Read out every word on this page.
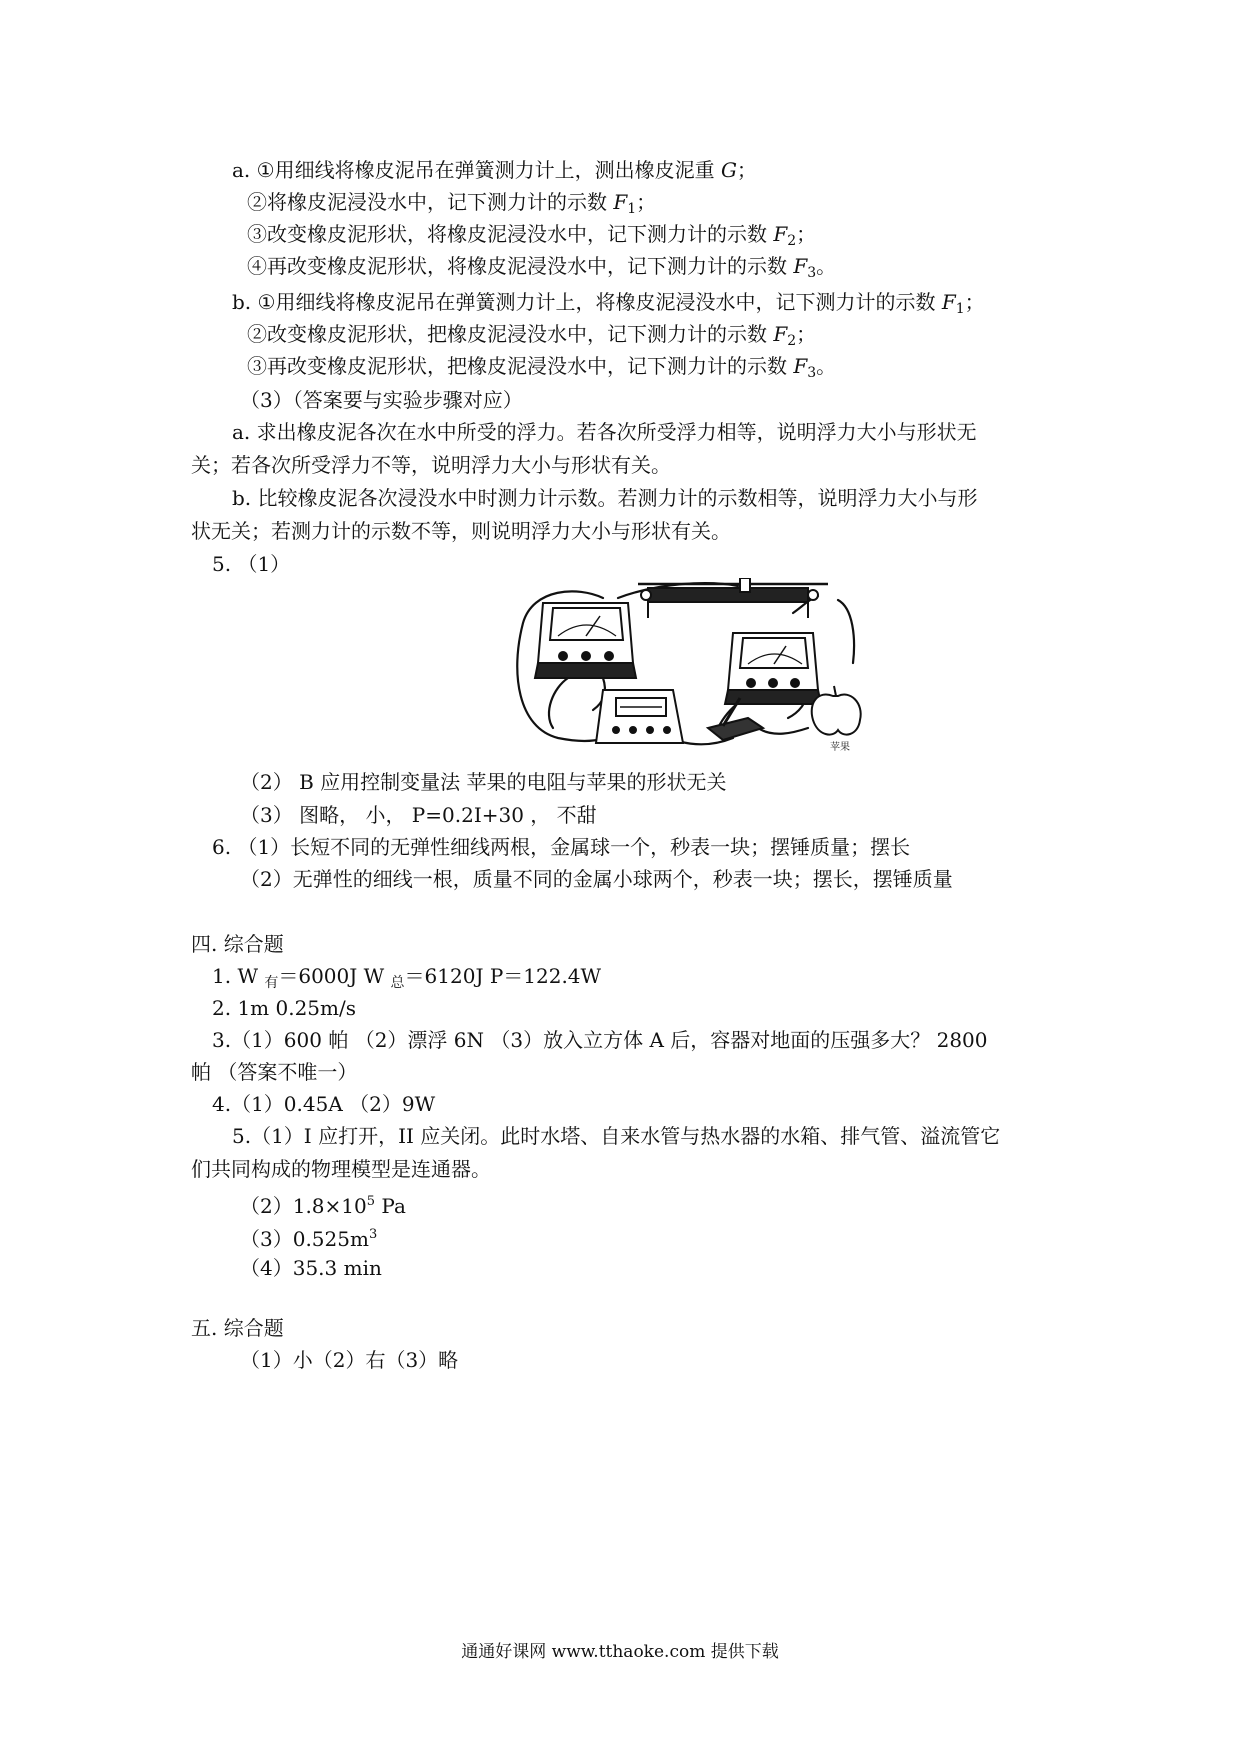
a. ①用细线将橡皮泥吊在弹簧测力计上，测出橡皮泥重 G；
②将橡皮泥浸没水中，记下测力计的示数 $F_1$；
③改变橡皮泥形状，将橡皮泥浸没水中，记下测力计的示数 $F_2$；
④再改变橡皮泥形状，将橡皮泥浸没水中，记下测力计的示数 $F_3$。
b. ①用细线将橡皮泥吊在弹簧测力计上，将橡皮泥浸没水中，记下测力计的示数 $F_1$；
②改变橡皮泥形状，把橡皮泥浸没水中，记下测力计的示数 $F_2$；
③再改变橡皮泥形状，把橡皮泥浸没水中，记下测力计的示数 $F_3$。
（3）（答案要与实验步骤对应）
a. 求出橡皮泥各次在水中所受的浮力。若各次所受浮力相等，说明浮力大小与形状无
关；若各次所受浮力不等，说明浮力大小与形状有关。
b. 比较橡皮泥各次浸没水中时测力计示数。若测力计的示数相等，说明浮力大小与形
状无关；若测力计的示数不等，则说明浮力大小与形状有关。
5. （1）
（2） B 应用控制变量法 苹果的电阻与苹果的形状无关
（3） 图略， 小， P=0.2I+30 ， 不甜
6. （1）长短不同的无弹性细线两根，金属球一个，秒表一块；摆锤质量；摆长
（2）无弹性的细线一根，质量不同的金属小球两个，秒表一块；摆长，摆锤质量
四. 综合题
1. W $_有$＝6000J W $_总$＝6120J P＝122.4W
2. 1m 0.25m/s
3.（1）600 帕 （2）漂浮 6N （3）放入立方体 A 后，容器对地面的压强多大？ 2800
帕 （答案不唯一）
4.（1）0.45A （2）9W
5.（1）I 应打开，II 应关闭。此时水塔、自来水管与热水器的水箱、排气管、溢流管它
们共同构成的物理模型是连通器。
$(2)1.8\times 10^5$ Pa
$(3)0.525m^3$
（4）35.3 min
五. 综合题
（1）小（2）右（3）略
苹果
通通好课网 www.tthaoke.com 提供下载
